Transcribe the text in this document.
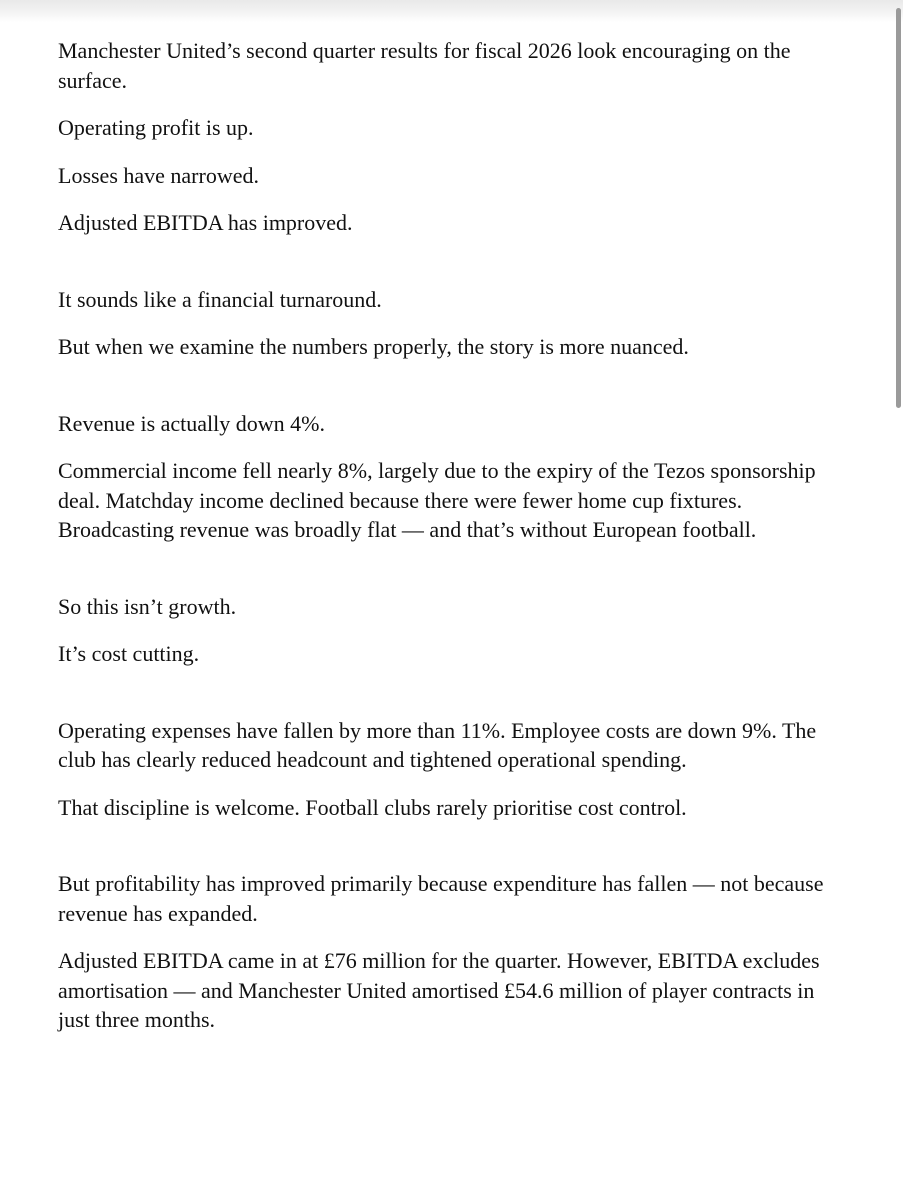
Manchester United’s second quarter results for fiscal 2026 look encouraging on the surface.

Operating profit is up.

Losses have narrowed.

Adjusted EBITDA has improved.

It sounds like a financial turnaround.

But when we examine the numbers properly, the story is more nuanced.

Revenue is actually down 4%.

Commercial income fell nearly 8%, largely due to the expiry of the Tezos sponsorship deal. Matchday income declined because there were fewer home cup fixtures. Broadcasting revenue was broadly flat — and that’s without European football.

So this isn’t growth.

It’s cost cutting.

Operating expenses have fallen by more than 11%. Employee costs are down 9%. The club has clearly reduced headcount and tightened operational spending.

That discipline is welcome. Football clubs rarely prioritise cost control.

But profitability has improved primarily because expenditure has fallen — not because revenue has expanded.

Adjusted EBITDA came in at £76 million for the quarter. However, EBITDA excludes amortisation — and Manchester United amortised £54.6 million of player contracts in just three months.
